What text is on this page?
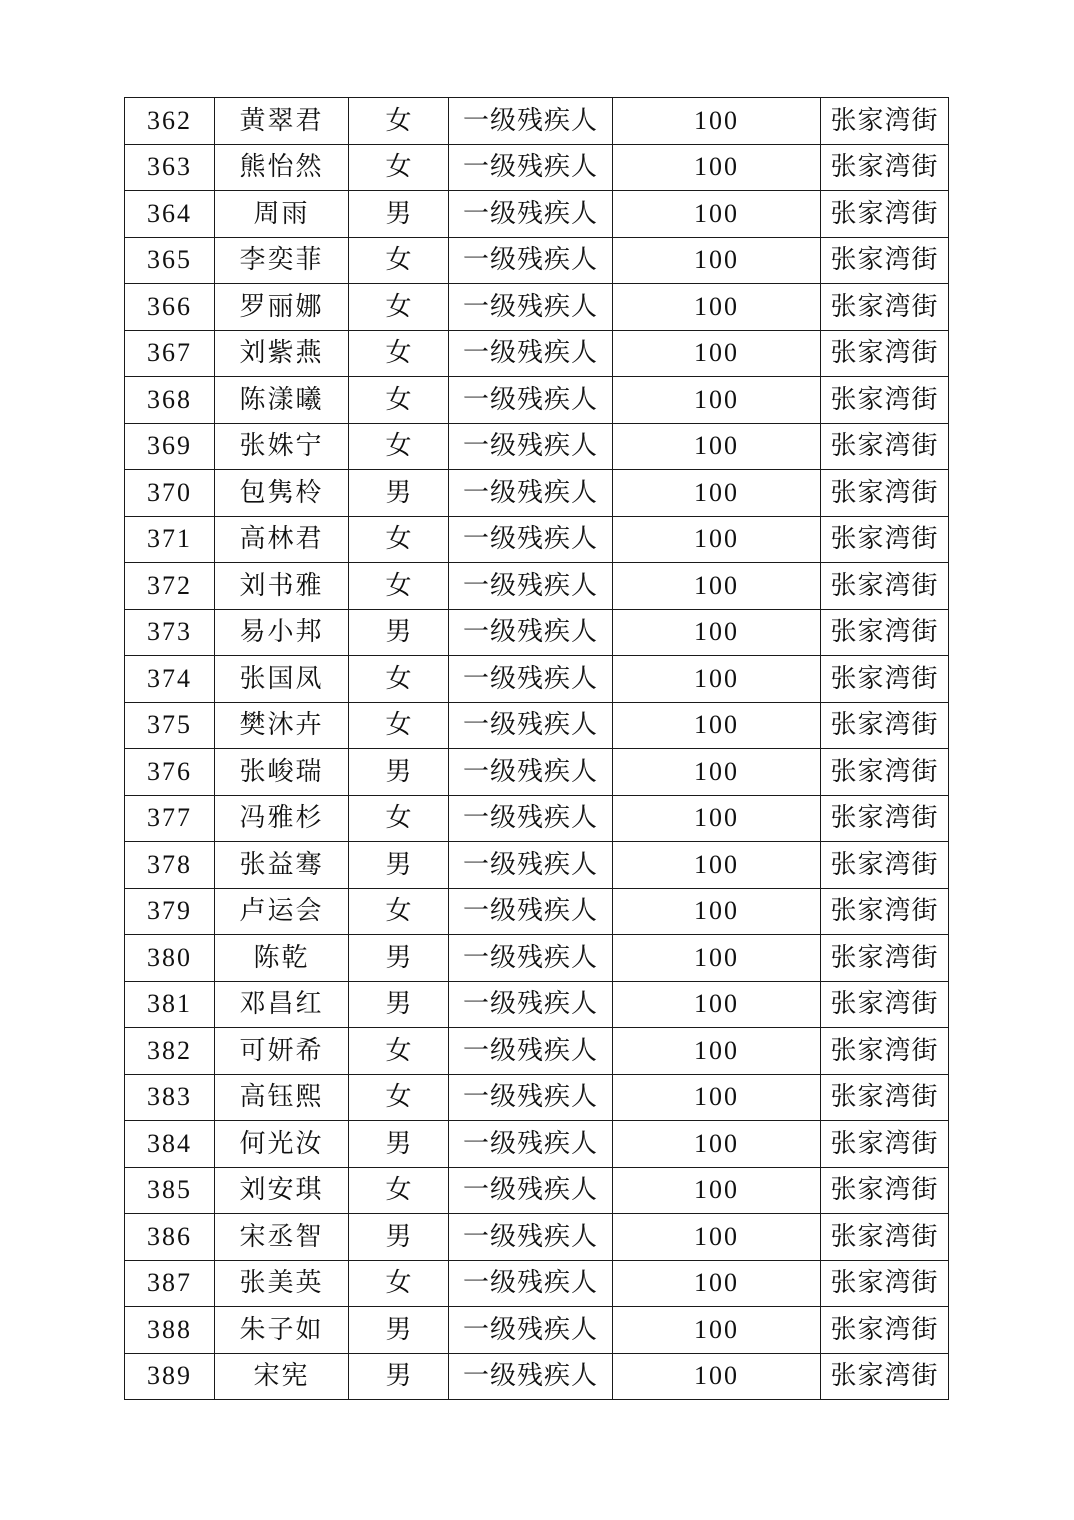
362	黄翠君	女	一级残疾人	100	张家湾街
363	熊怡然	女	一级残疾人	100	张家湾街
364	周雨	男	一级残疾人	100	张家湾街
365	李奕菲	女	一级残疾人	100	张家湾街
366	罗丽娜	女	一级残疾人	100	张家湾街
367	刘紫燕	女	一级残疾人	100	张家湾街
368	陈漾曦	女	一级残疾人	100	张家湾街
369	张姝宁	女	一级残疾人	100	张家湾街
370	包隽柃	男	一级残疾人	100	张家湾街
371	高林君	女	一级残疾人	100	张家湾街
372	刘书雅	女	一级残疾人	100	张家湾街
373	易小邦	男	一级残疾人	100	张家湾街
374	张国凤	女	一级残疾人	100	张家湾街
375	樊沐卉	女	一级残疾人	100	张家湾街
376	张峻瑞	男	一级残疾人	100	张家湾街
377	冯雅杉	女	一级残疾人	100	张家湾街
378	张益骞	男	一级残疾人	100	张家湾街
379	卢运会	女	一级残疾人	100	张家湾街
380	陈乾	男	一级残疾人	100	张家湾街
381	邓昌红	男	一级残疾人	100	张家湾街
382	可妍希	女	一级残疾人	100	张家湾街
383	高钰熙	女	一级残疾人	100	张家湾街
384	何光汝	男	一级残疾人	100	张家湾街
385	刘安琪	女	一级残疾人	100	张家湾街
386	宋丞智	男	一级残疾人	100	张家湾街
387	张美英	女	一级残疾人	100	张家湾街
388	朱子如	男	一级残疾人	100	张家湾街
389	宋宪	男	一级残疾人	100	张家湾街
